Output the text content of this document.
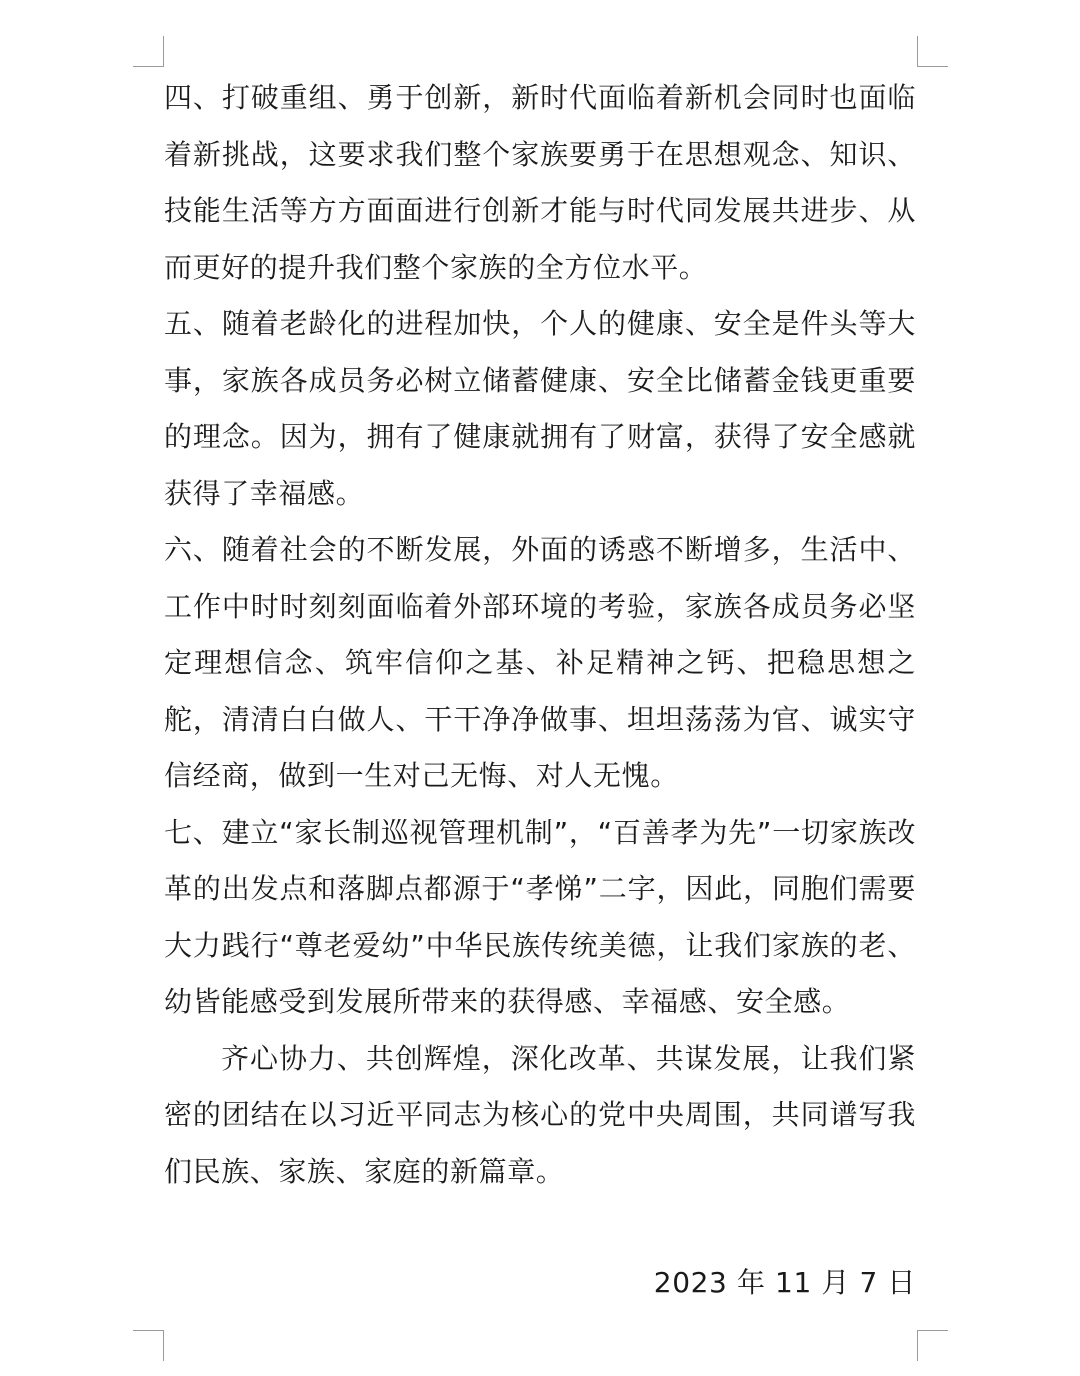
四、打破重组、勇于创新，新时代面临着新机会同时也面临着新挑战，这要求我们整个家族要勇于在思想观念、知识、技能生活等方方面面进行创新才能与时代同发展共进步、从而更好的提升我们整个家族的全方位水平。

五、随着老龄化的进程加快，个人的健康、安全是件头等大事，家族各成员务必树立储蓄健康、安全比储蓄金钱更重要的理念。因为，拥有了健康就拥有了财富，获得了安全感就获得了幸福感。

六、随着社会的不断发展，外面的诱惑不断增多，生活中、工作中时时刻刻面临着外部环境的考验，家族各成员务必坚定理想信念、筑牢信仰之基、补足精神之钙、把稳思想之舵，清清白白做人、干干净净做事、坦坦荡荡为官、诚实守信经商，做到一生对己无悔、对人无愧。

七、建立“家长制巡视管理机制”，“百善孝为先”一切家族改革的出发点和落脚点都源于“孝悌”二字，因此，同胞们需要大力践行“尊老爱幼”中华民族传统美德，让我们家族的老、幼皆能感受到发展所带来的获得感、幸福感、安全感。

齐心协力、共创辉煌，深化改革、共谋发展，让我们紧密的团结在以习近平同志为核心的党中央周围，共同谱写我们民族、家族、家庭的新篇章。

2023 年 11 月 7 日
